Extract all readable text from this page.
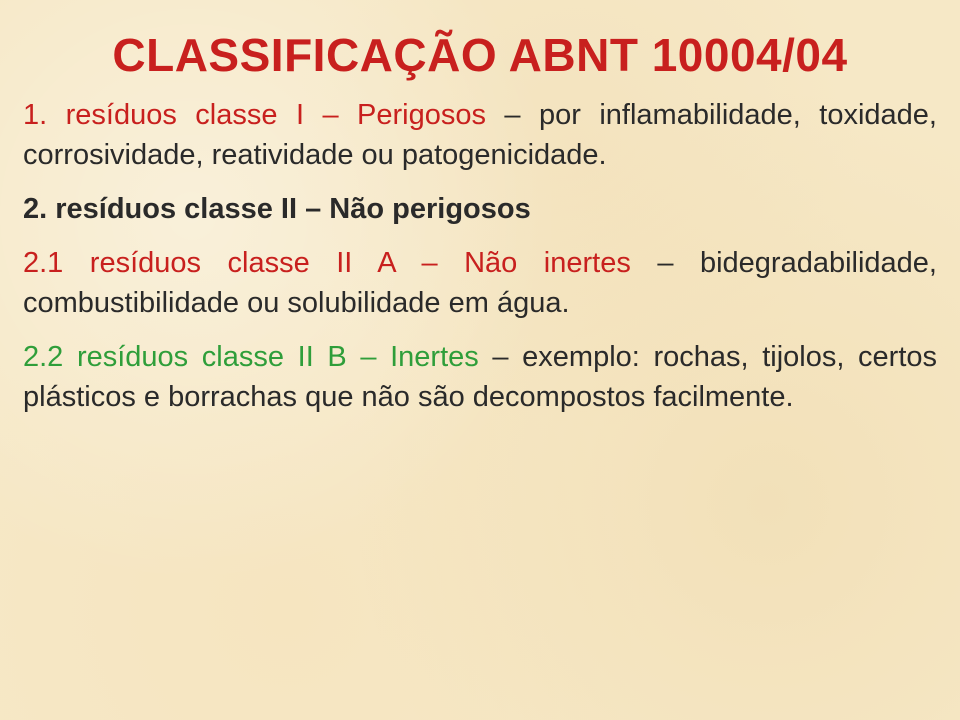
CLASSIFICAÇÃO ABNT 10004/04

1. resíduos classe I – Perigosos – por inflamabilidade, toxidade, corrosividade, reatividade ou patogenicidade.

2. resíduos classe II – Não perigosos

2.1 resíduos classe II A – Não inertes – bidegradabilidade, combustibilidade ou solubilidade em água.

2.2 resíduos classe II B – Inertes – exemplo: rochas, tijolos, certos plásticos e borrachas que não são decompostos facilmente.
